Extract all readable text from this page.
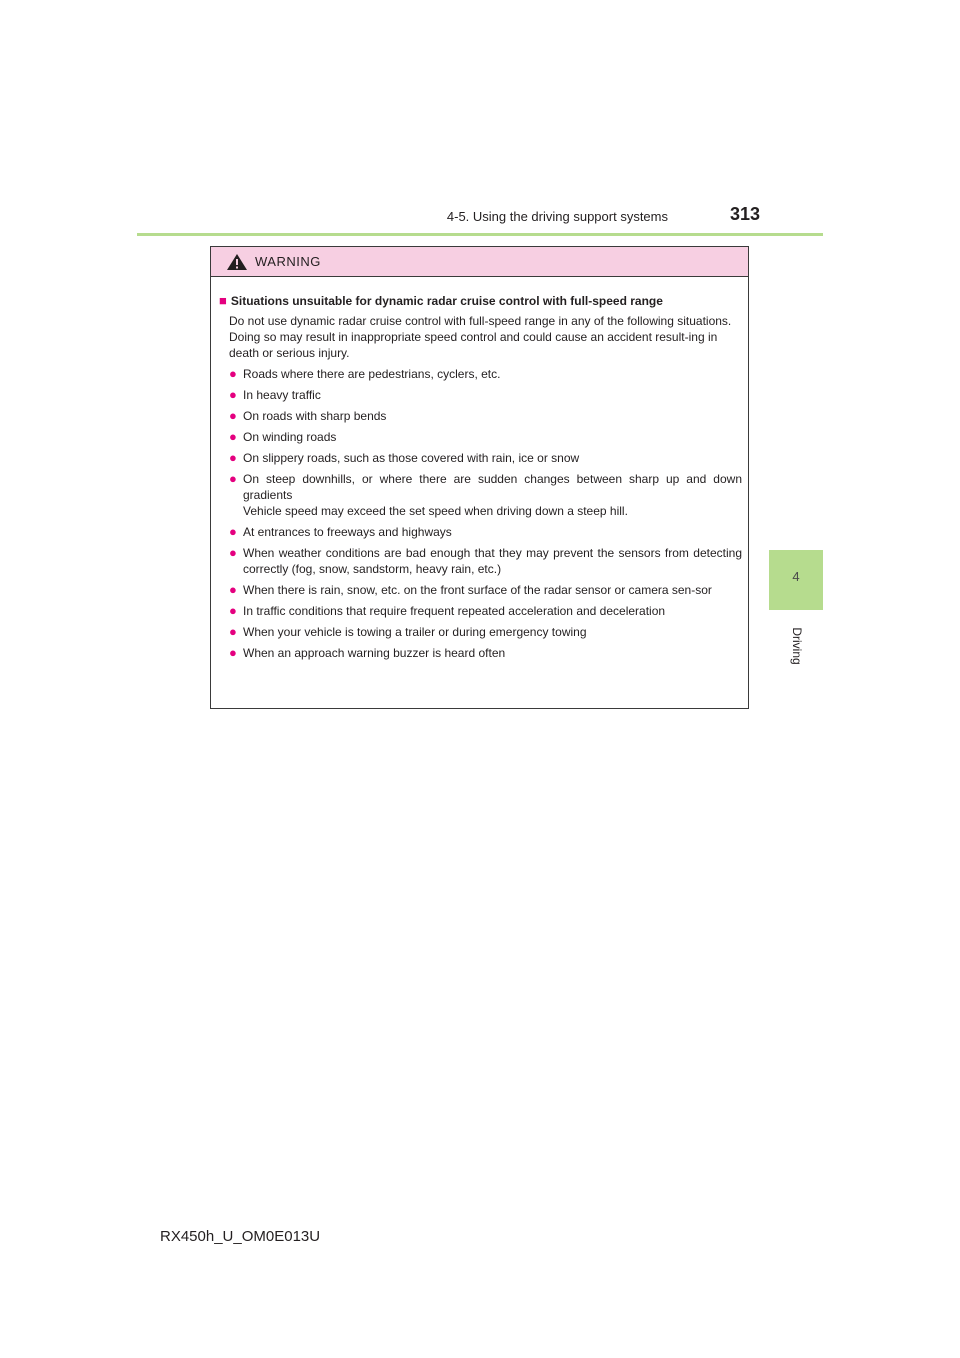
4-5. Using the driving support systems	313
4
Driving
WARNING
■ Situations unsuitable for dynamic radar cruise control with full-speed range

Do not use dynamic radar cruise control with full-speed range in any of the following situations.

Doing so may result in inappropriate speed control and could cause an accident result-ing in death or serious injury.

● Roads where there are pedestrians, cyclers, etc.
● In heavy traffic
● On roads with sharp bends
● On winding roads
● On slippery roads, such as those covered with rain, ice or snow
● On steep downhills, or where there are sudden changes between sharp up and down gradients
Vehicle speed may exceed the set speed when driving down a steep hill.
● At entrances to freeways and highways
● When weather conditions are bad enough that they may prevent the sensors from detecting correctly (fog, snow, sandstorm, heavy rain, etc.)
● When there is rain, snow, etc. on the front surface of the radar sensor or camera sen-sor
● In traffic conditions that require frequent repeated acceleration and deceleration
● When your vehicle is towing a trailer or during emergency towing
● When an approach warning buzzer is heard often
RX450h_U_OM0E013U
